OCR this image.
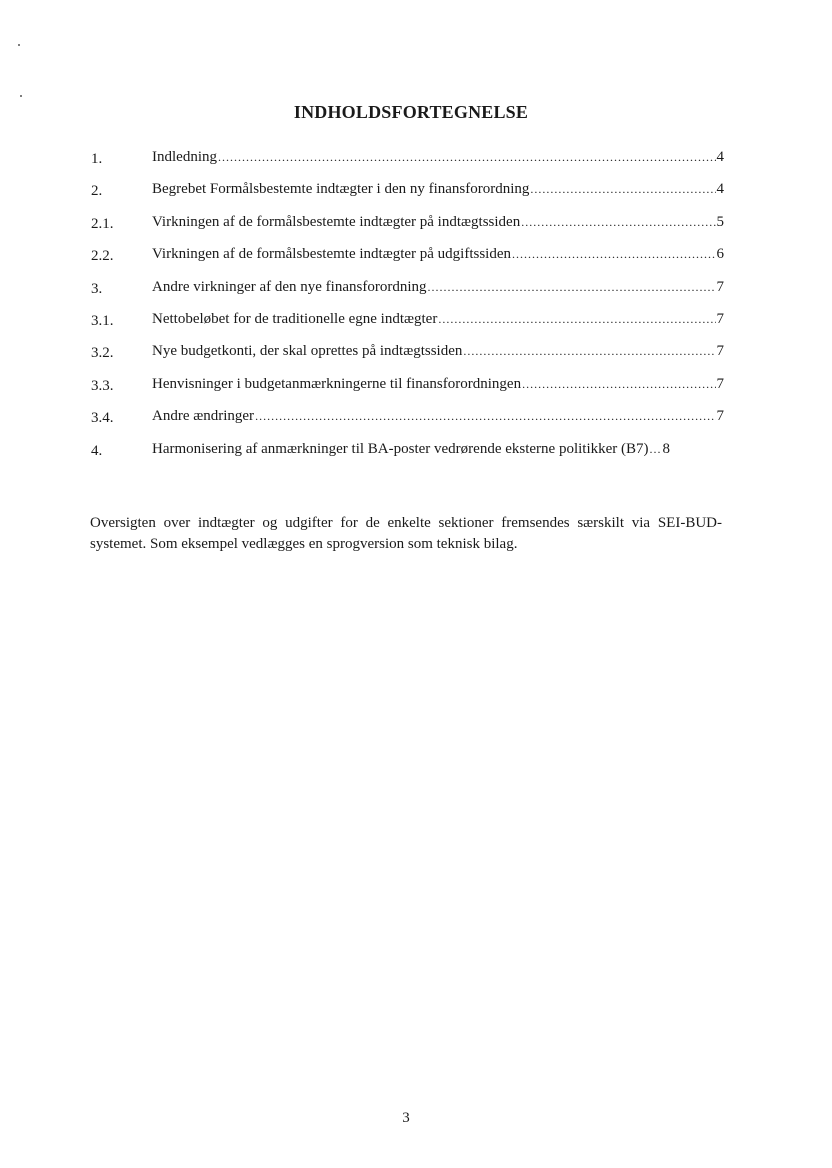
INDHOLDSFORTEGNELSE
1.	Indledning .....	4
2.	Begrebet Formålsbestemte indtægter i den ny finansforordning .....	4
2.1.	Virkningen af de formålsbestemte indtægter på indtægtssiden .....	5
2.2.	Virkningen af de formålsbestemte indtægter på udgiftssiden .....	6
3.	Andre virkninger af den nye finansforordning .....	7
3.1.	Nettobeløbet for de traditionelle egne indtægter .....	7
3.2.	Nye budgetkonti, der skal oprettes på indtægtssiden .....	7
3.3.	Henvisninger i budgetanmærkningerne til finansforordningen .....	7
3.4.	Andre ændringer .....	7
4.	Harmonisering af anmærkninger til BA-poster vedrørende eksterne politikker (B7) ..... 8

Oversigten over indtægter og udgifter for de enkelte sektioner fremsendes særskilt via SEI-BUD-systemet. Som eksempel vedlægges en sprogversion som teknisk bilag.

3
